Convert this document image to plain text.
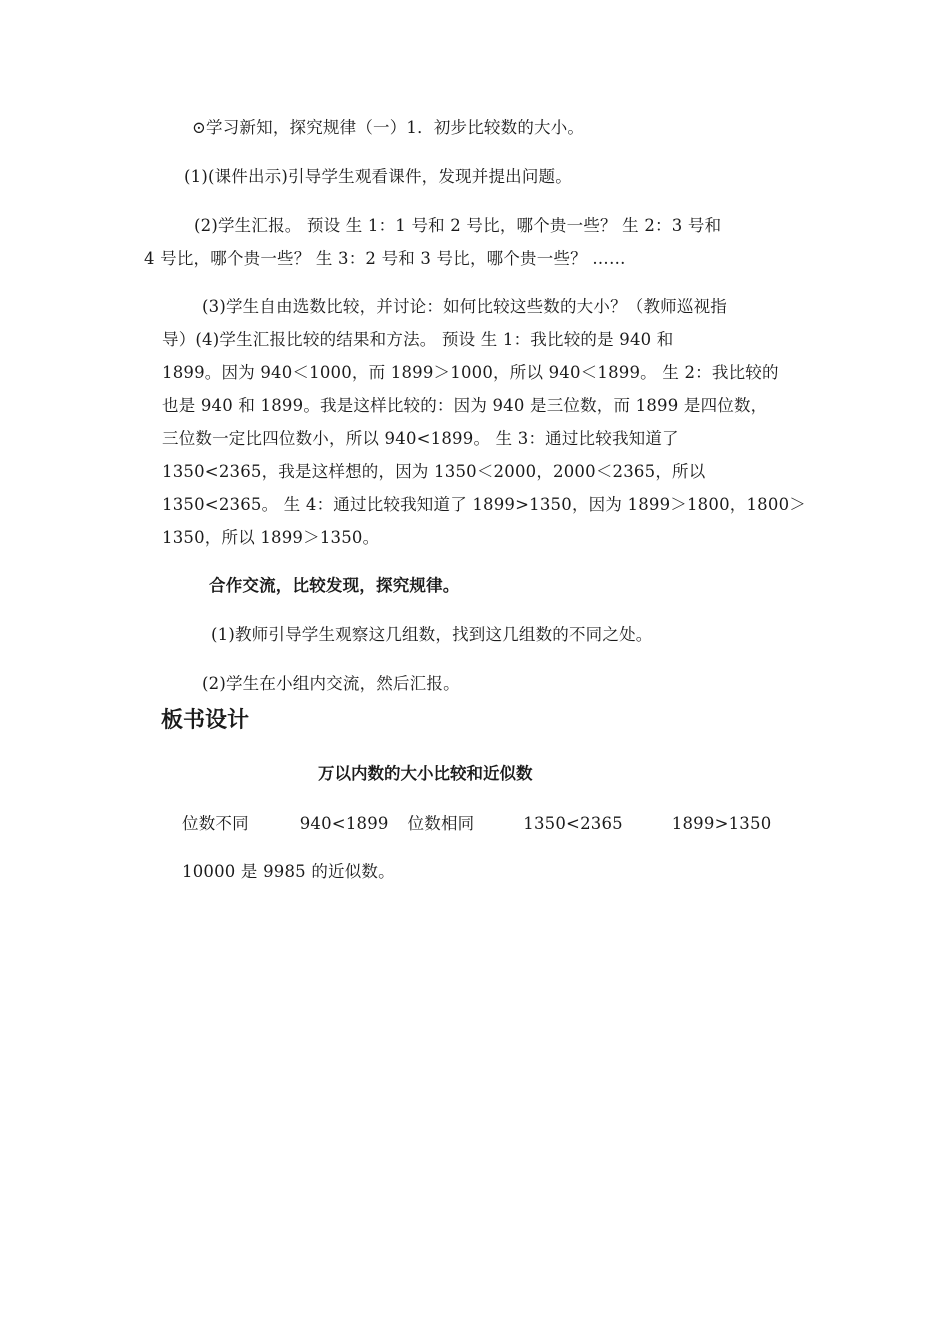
⊙学习新知，探究规律（一）1．初步比较数的大小。
(1)(课件出示)引导学生观看课件，发现并提出问题。
(2)学生汇报。 预设 生 1：1 号和 2 号比，哪个贵一些？ 生 2：3 号和
4 号比，哪个贵一些？ 生 3：2 号和 3 号比，哪个贵一些？ ……
(3)学生自由选数比较，并讨论：如何比较这些数的大小？（教师巡视指
导）(4)学生汇报比较的结果和方法。 预设 生 1：我比较的是 940 和
1899。因为 940＜1000，而 1899＞1000，所以 940＜1899。 生 2：我比较的
也是 940 和 1899。我是这样比较的：因为 940 是三位数，而 1899 是四位数，
三位数一定比四位数小，所以 940<1899。 生 3：通过比较我知道了
1350<2365，我是这样想的，因为 1350＜2000，2000＜2365，所以
1350<2365。 生 4：通过比较我知道了 1899>1350，因为 1899＞1800，1800＞
1350，所以 1899＞1350。
合作交流，比较发现，探究规律。
(1)教师引导学生观察这几组数，找到这几组数的不同之处。
(2)学生在小组内交流，然后汇报。
板书设计
万以内数的大小比较和近似数
位数不同	940<1899 位数相同	1350<2365	1899>1350
10000 是 9985 的近似数。
